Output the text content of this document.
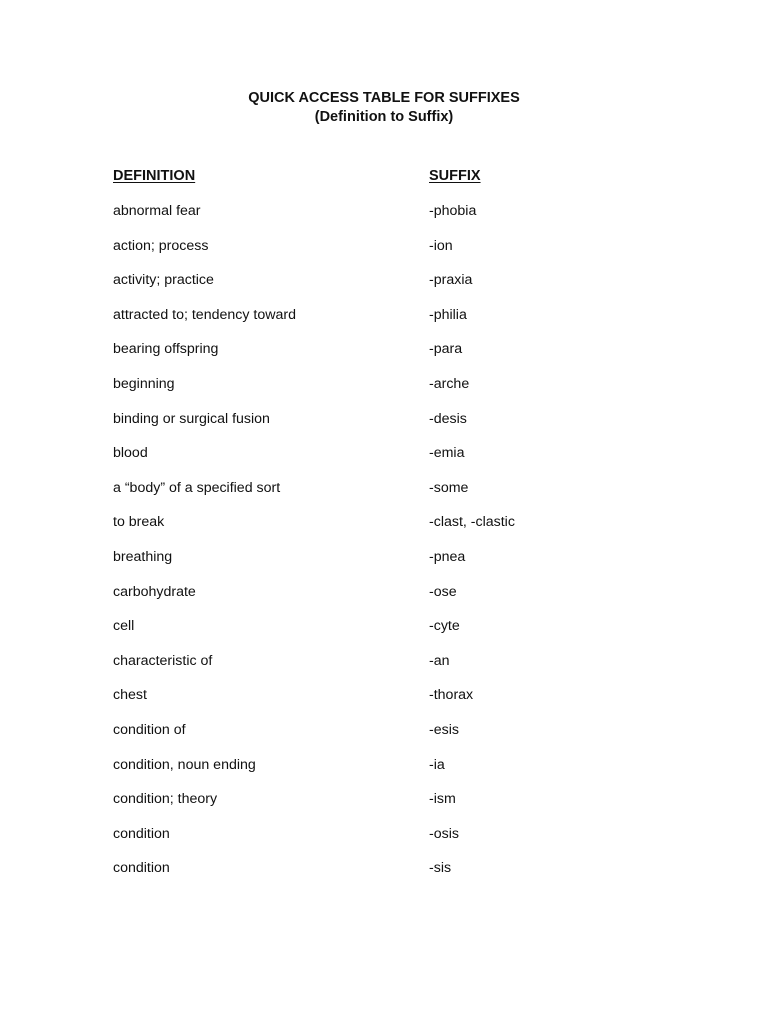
QUICK ACCESS TABLE FOR SUFFIXES
(Definition to Suffix)
DEFINITION	SUFFIX
abnormal fear	-phobia
action; process	-ion
activity; practice	-praxia
attracted to; tendency toward	-philia
bearing offspring	-para
beginning	-arche
binding or surgical fusion	-desis
blood	-emia
a “body” of a specified sort	-some
to break	-clast, -clastic
breathing	-pnea
carbohydrate	-ose
cell	-cyte
characteristic of	-an
chest	-thorax
condition of	-esis
condition, noun ending	-ia
condition; theory	-ism
condition	-osis
condition	-sis
